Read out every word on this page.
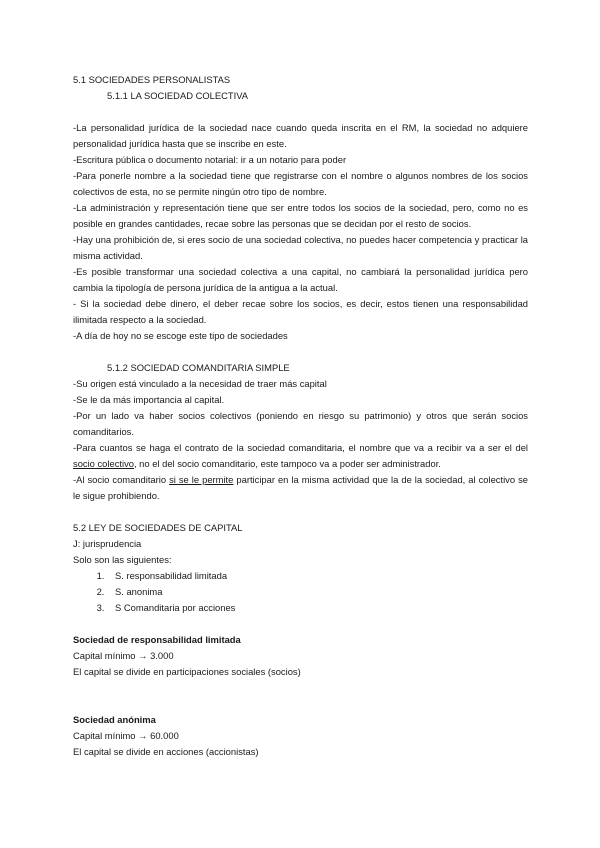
5.1 SOCIEDADES PERSONALISTAS

5.1.1 LA SOCIEDAD COLECTIVA

-La personalidad jurídica de la sociedad nace cuando queda inscrita en el RM, la sociedad no adquiere personalidad jurídica hasta que se inscribe en este.

-Escritura pública o documento notarial: ir a un notario para poder

-Para ponerle nombre a la sociedad tiene que registrarse con el nombre o algunos nombres de los socios colectivos de esta, no se permite ningún otro tipo de nombre.

-La administración y representación tiene que ser entre todos los socios de la sociedad, pero, como no es posible en grandes cantidades, recae sobre las personas que se decidan por el resto de socios.

-Hay una prohibición de, si eres socio de una sociedad colectiva, no puedes hacer competencia y practicar la misma actividad.

-Es posible transformar una sociedad colectiva a una capital, no cambiará la personalidad jurídica pero cambia la tipología de persona jurídica de la antigua a la actual.

- Si la sociedad debe dinero, el deber recae sobre los socios, es decir, estos tienen una responsabilidad ilimitada respecto a la sociedad.

-A día de hoy no se escoge este tipo de sociedades

5.1.2 SOCIEDAD COMANDITARIA SIMPLE

-Su origen está vinculado a la necesidad de traer más capital

-Se le da más importancia al capital.

-Por un lado va haber socios colectivos (poniendo en riesgo su patrimonio) y otros que serán socios comanditarios.

-Para cuantos se haga el contrato de la sociedad comanditaria, el nombre que va a recibir va a ser el del socio colectivo, no el del socio comanditario, este tampoco va a poder ser administrador.

-Al socio comanditario si se le permite participar en la misma actividad que la de la sociedad, al colectivo se le sigue prohibiendo.

5.2 LEY DE SOCIEDADES DE CAPITAL

J: jurisprudencia

Solo son las siguientes:

1. S. responsabilidad limitada
2. S. anonima
3. S Comanditaria por acciones

Sociedad de responsabilidad limitada

Capital mínimo → 3.000

El capital se divide en participaciones sociales (socios)

Sociedad anónima

Capital mínimo → 60.000

El capital se divide en acciones (accionistas)
